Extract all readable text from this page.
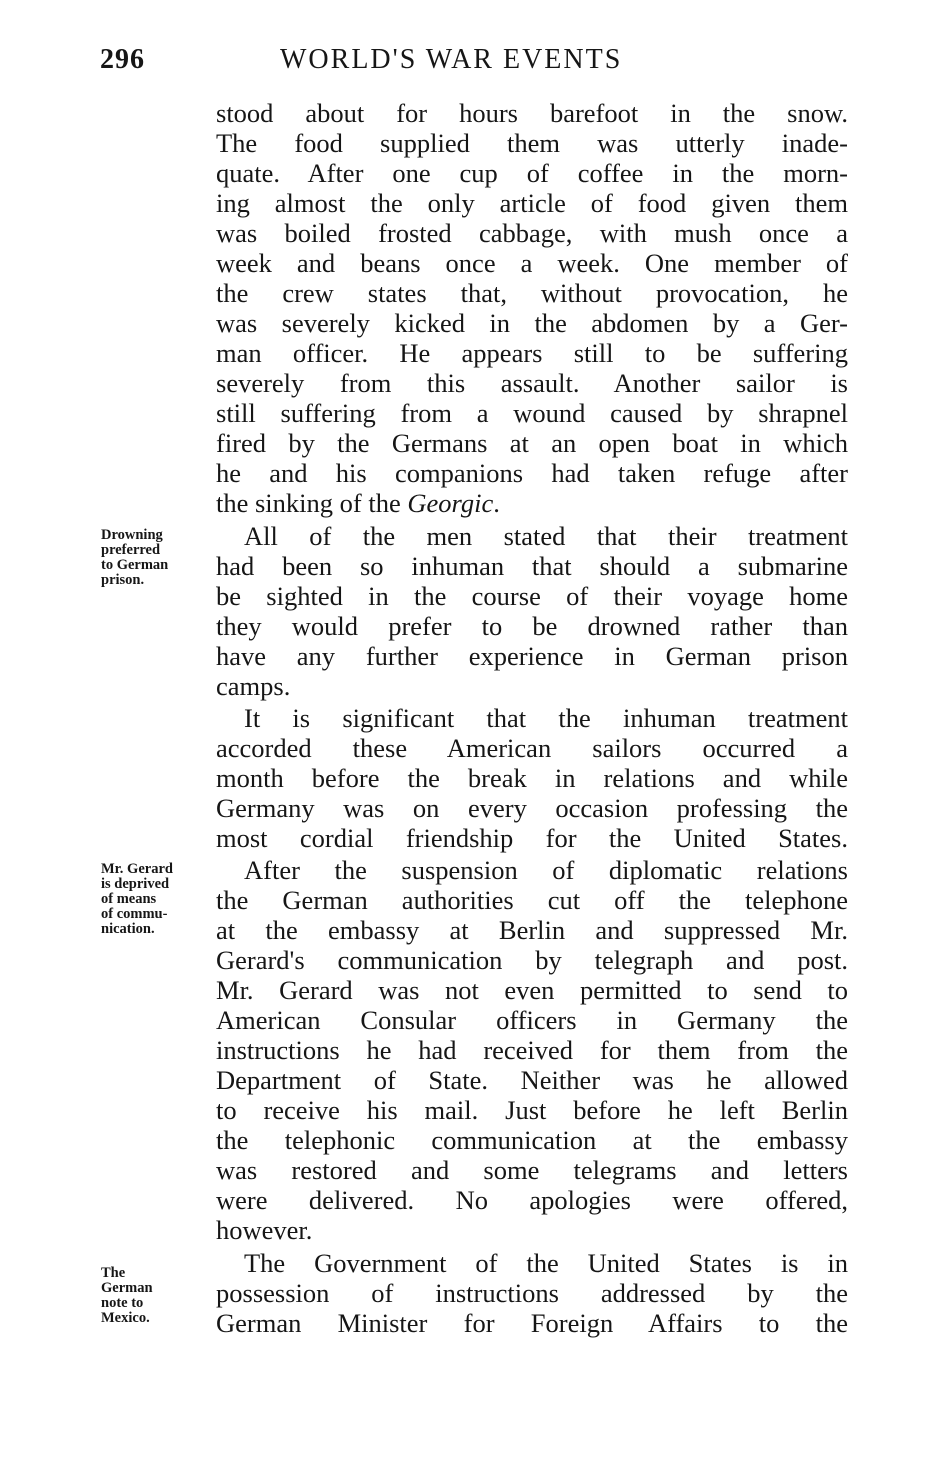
296	WORLD'S WAR EVENTS
stood about for hours barefoot in the snow.
The food supplied them was utterly inade-
quate. After one cup of coffee in the morn-
ing almost the only article of food given them
was boiled frosted cabbage, with mush once a
week and beans once a week. One member of
the crew states that, without provocation, he
was severely kicked in the abdomen by a Ger-
man officer. He appears still to be suffering
severely from this assault. Another sailor is
still suffering from a wound caused by shrapnel
fired by the Germans at an open boat in which
he and his companions had taken refuge after
the sinking of the Georgic.
All of the men stated that their treatment
had been so inhuman that should a submarine
be sighted in the course of their voyage home
they would prefer to be drowned rather than
have any further experience in German prison
camps.
It is significant that the inhuman treatment
accorded these American sailors occurred a
month before the break in relations and while
Germany was on every occasion professing the
most cordial friendship for the United States.
After the suspension of diplomatic relations
the German authorities cut off the telephone
at the embassy at Berlin and suppressed Mr.
Gerard's communication by telegraph and post.
Mr. Gerard was not even permitted to send to
American Consular officers in Germany the
instructions he had received for them from the
Department of State. Neither was he allowed
to receive his mail. Just before he left Berlin
the telephonic communication at the embassy
was restored and some telegrams and letters
were delivered. No apologies were offered,
however.
The Government of the United States is in
possession of instructions addressed by the
German Minister for Foreign Affairs to the
Drowning
preferred
to German
prison.
Mr. Gerard
is deprived
of means
of commu-
nication.
The
German
note to
Mexico.
